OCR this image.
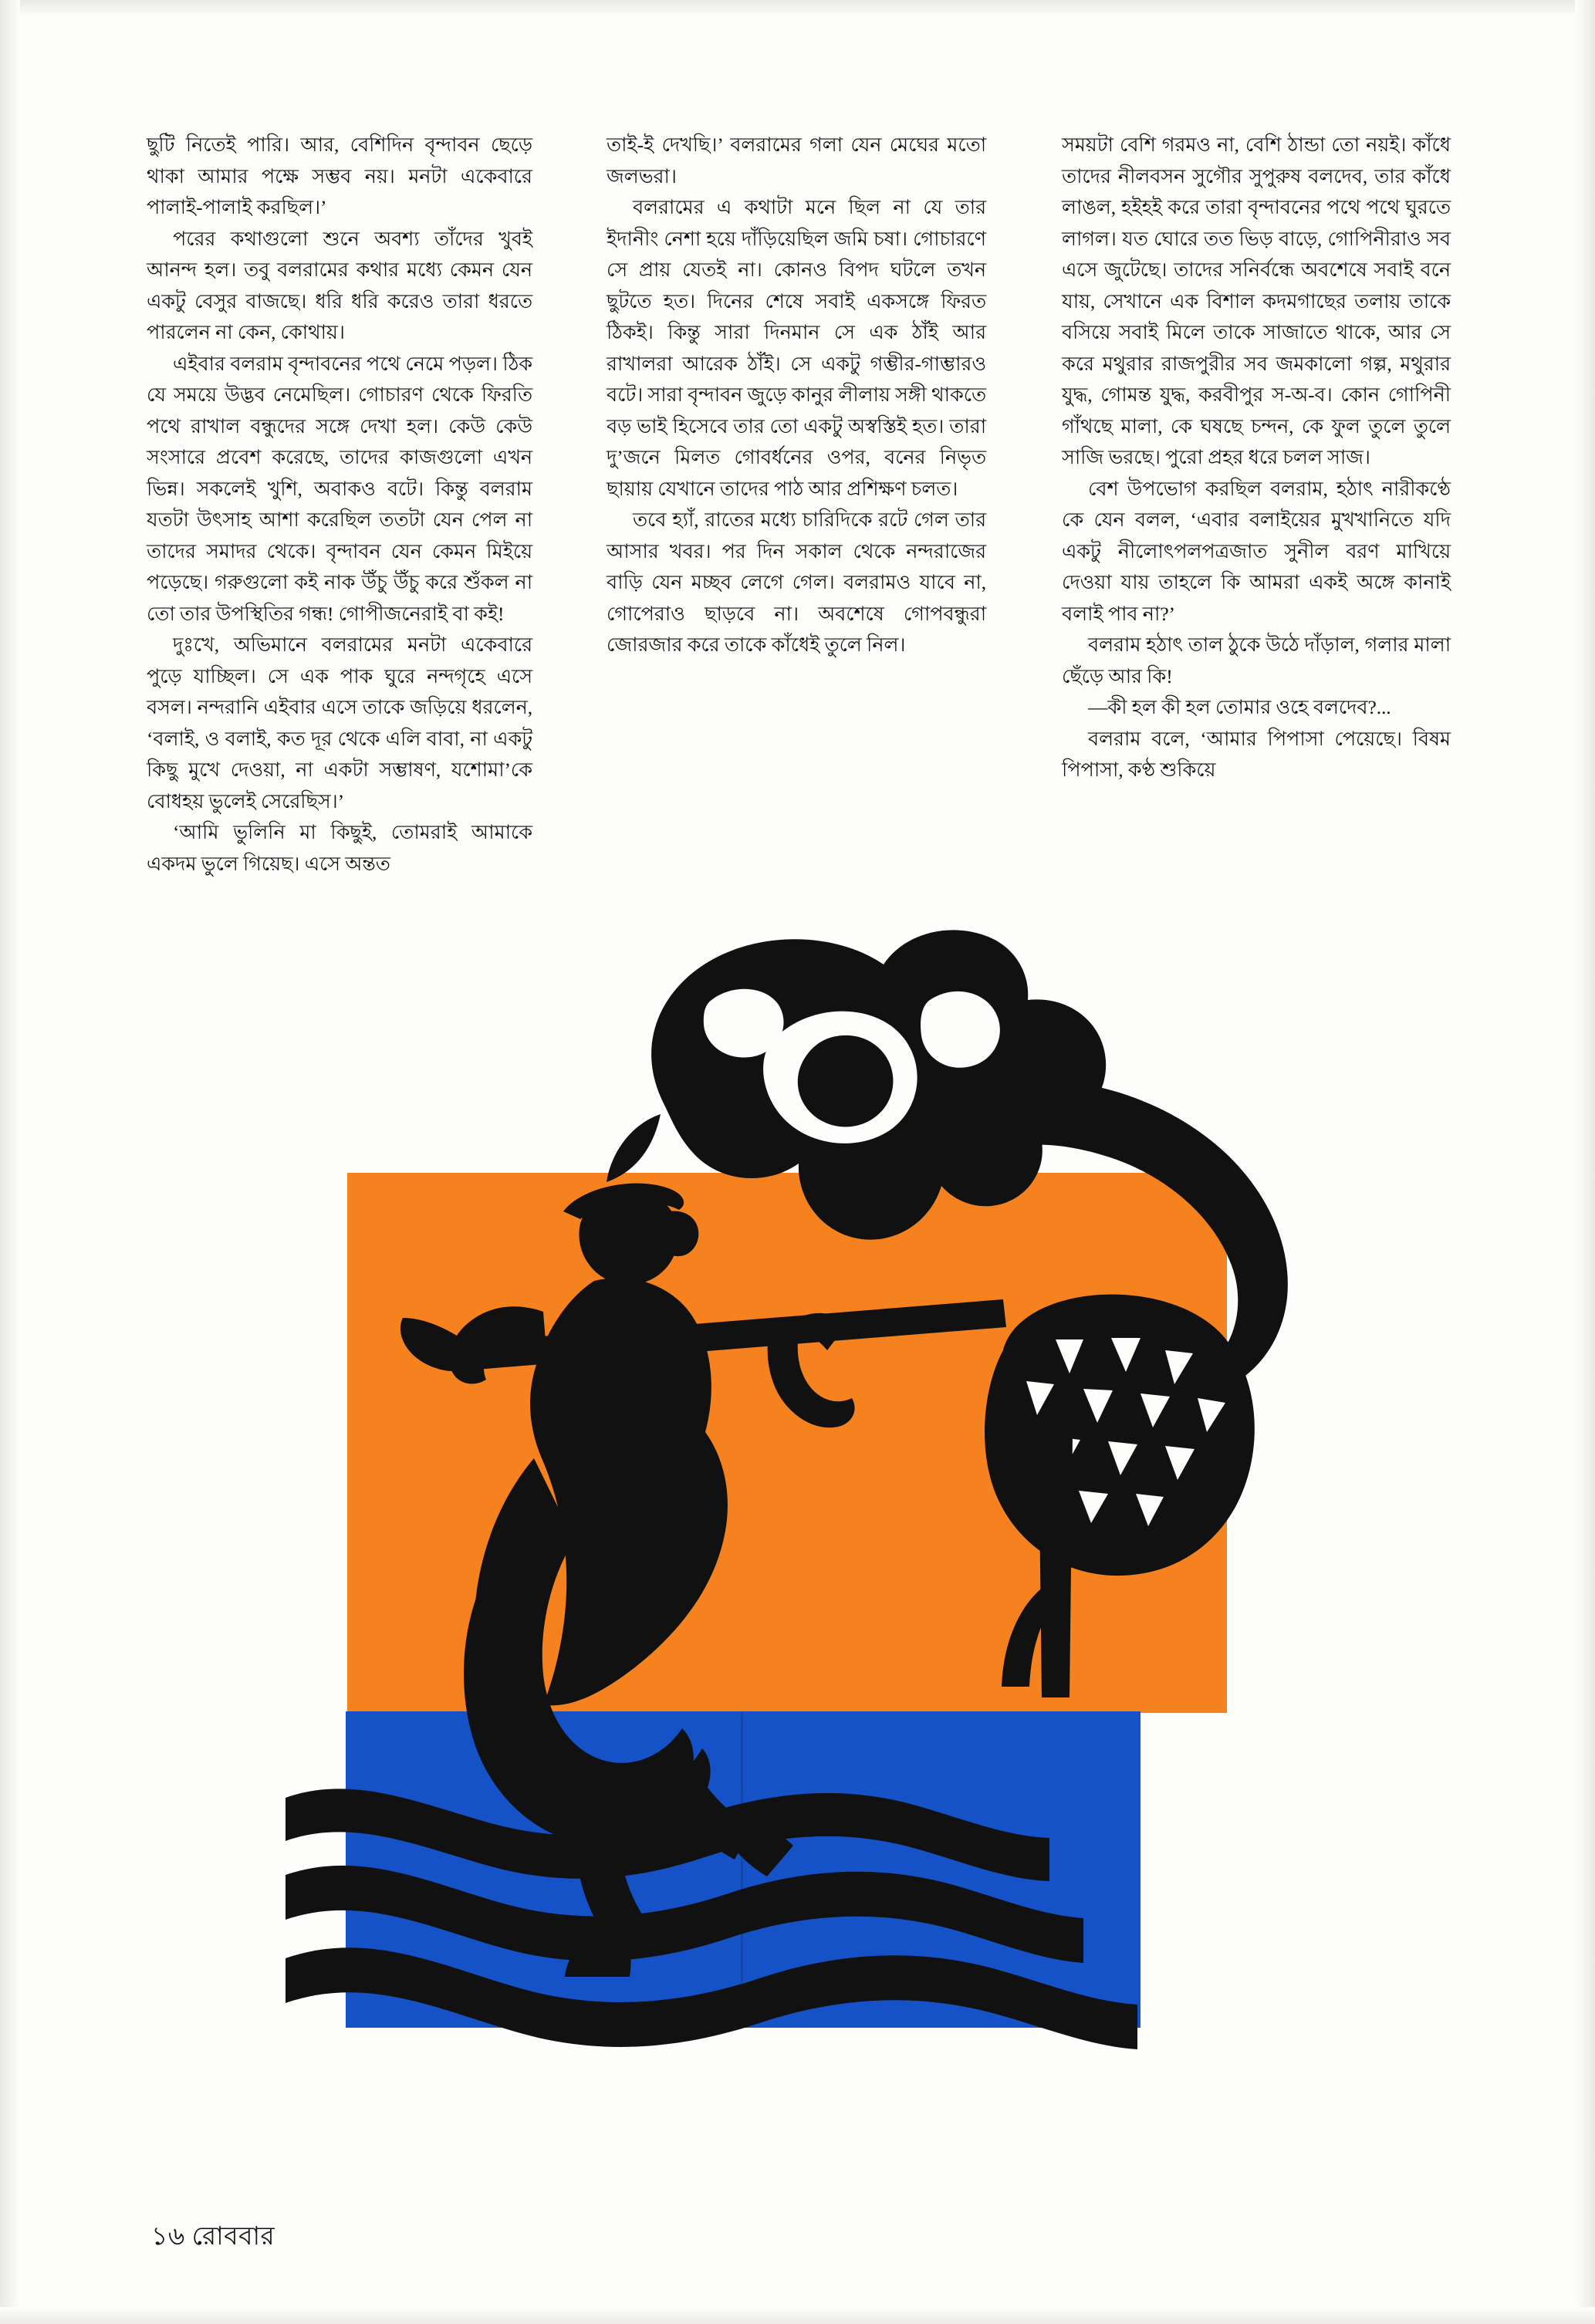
ছুটি নিতেই পারি। আর, বেশিদিন বৃন্দাবন ছেড়ে থাকা আমার পক্ষে সম্ভব নয়। মনটা একেবারে পালাই-পালাই করছিল।’

পরের কথাগুলো শুনে অবশ্য তাঁদের খুবই আনন্দ হল। তবু বলরামের কথার মধ্যে কেমন যেন একটু বেসুর বাজছে। ধরি ধরি করেও তারা ধরতে পারলেন না কেন, কোথায়।

এইবার বলরাম বৃন্দাবনের পথে নেমে পড়ল। ঠিক যে সময়ে উদ্ভব নেমেছিল। গোচারণ থেকে ফিরতি পথে রাখাল বন্ধুদের সঙ্গে দেখা হল। কেউ কেউ সংসারে প্রবেশ করেছে, তাদের কাজগুলো এখন ভিন্ন। সকলেই খুশি, অবাকও বটে। কিন্তু বলরাম যতটা উৎসাহ আশা করেছিল ততটা যেন পেল না তাদের সমাদর থেকে। বৃন্দাবন যেন কেমন মিইয়ে পড়েছে। গরুগুলো কই নাক উঁচু উঁচু করে শুঁকল না তো তার উপস্থিতির গন্ধ! গোপীজনেরাই বা কই!

দুঃখে, অভিমানে বলরামের মনটা একেবারে পুড়ে যাচ্ছিল। সে এক পাক ঘুরে নন্দগৃহে এসে বসল। নন্দরানি এইবার এসে তাকে জড়িয়ে ধরলেন, ‘বলাই, ও বলাই, কত দূর থেকে এলি বাবা, না একটু কিছু মুখে দেওয়া, না একটা সম্ভাষণ, যশোমা’কে বোধহয় ভুলেই সেরেছিস।’

‘আমি ভুলিনি মা কিছুই, তোমরাই আমাকে একদম ভুলে গিয়েছ। এসে অন্তত

তাই-ই দেখছি।’ বলরামের গলা যেন মেঘের মতো জলভরা।

বলরামের এ কথাটা মনে ছিল না যে তার ইদানীং নেশা হয়ে দাঁড়িয়েছিল জমি চষা। গোচারণে সে প্রায় যেতই না। কোনও বিপদ ঘটলে তখন ছুটতে হত। দিনের শেষে সবাই একসঙ্গে ফিরত ঠিকই। কিন্তু সারা দিনমান সে এক ঠাঁই আর রাখালরা আরেক ঠাঁই। সে একটু গম্ভীর-গাম্ভারও বটে। সারা বৃন্দাবন জুড়ে কানুর লীলায় সঙ্গী থাকতে বড় ভাই হিসেবে তার তো একটু অস্বস্তিই হত। তারা দু’জনে মিলত গোবর্ধনের ওপর, বনের নিভৃত ছায়ায় যেখানে তাদের পাঠ আর প্রশিক্ষণ চলত।

তবে হ্যাঁ, রাতের মধ্যে চারিদিকে রটে গেল তার আসার খবর। পর দিন সকাল থেকে নন্দরাজের বাড়ি যেন মচ্ছব লেগে গেল। বলরামও যাবে না, গোপেরাও ছাড়বে না। অবশেষে গোপবন্ধুরা জোরজার করে তাকে কাঁধেই তুলে নিল।

সময়টা বেশি গরমও না, বেশি ঠান্ডা তো নয়ই। কাঁধে তাদের নীলবসন সুগৌর সুপুরুষ বলদেব, তার কাঁধে লাঙল, হইহই করে তারা বৃন্দাবনের পথে পথে ঘুরতে লাগল। যত ঘোরে তত ভিড় বাড়ে, গোপিনীরাও সব এসে জুটেছে। তাদের সনির্বন্ধে অবশেষে সবাই বনে যায়, সেখানে এক বিশাল কদমগাছের তলায় তাকে বসিয়ে সবাই মিলে তাকে সাজাতে থাকে, আর সে করে মথুরার রাজপুরীর সব জমকালো গল্প, মথুরার যুদ্ধ, গোমন্ত যুদ্ধ, করবীপুর স-অ-ব। কোন গোপিনী গাঁথছে মালা, কে ঘষছে চন্দন, কে ফুল তুলে তুলে সাজি ভরছে। পুরো প্রহর ধরে চলল সাজ।

বেশ উপভোগ করছিল বলরাম, হঠাৎ নারীকণ্ঠে কে যেন বলল, ‘এবার বলাইয়ের মুখখানিতে যদি একটু নীলোৎপলপত্রজাত সুনীল বরণ মাখিয়ে দেওয়া যায় তাহলে কি আমরা একই অঙ্গে কানাই বলাই পাব না?’

বলরাম হঠাৎ তাল ঠুকে উঠে দাঁড়াল, গলার মালা ছেঁড়ে আর কি!

—কী হল কী হল তোমার ওহে বলদেব?...

বলরাম বলে, ‘আমার পিপাসা পেয়েছে। বিষম পিপাসা, কণ্ঠ শুকিয়ে

১৬ রোববার
